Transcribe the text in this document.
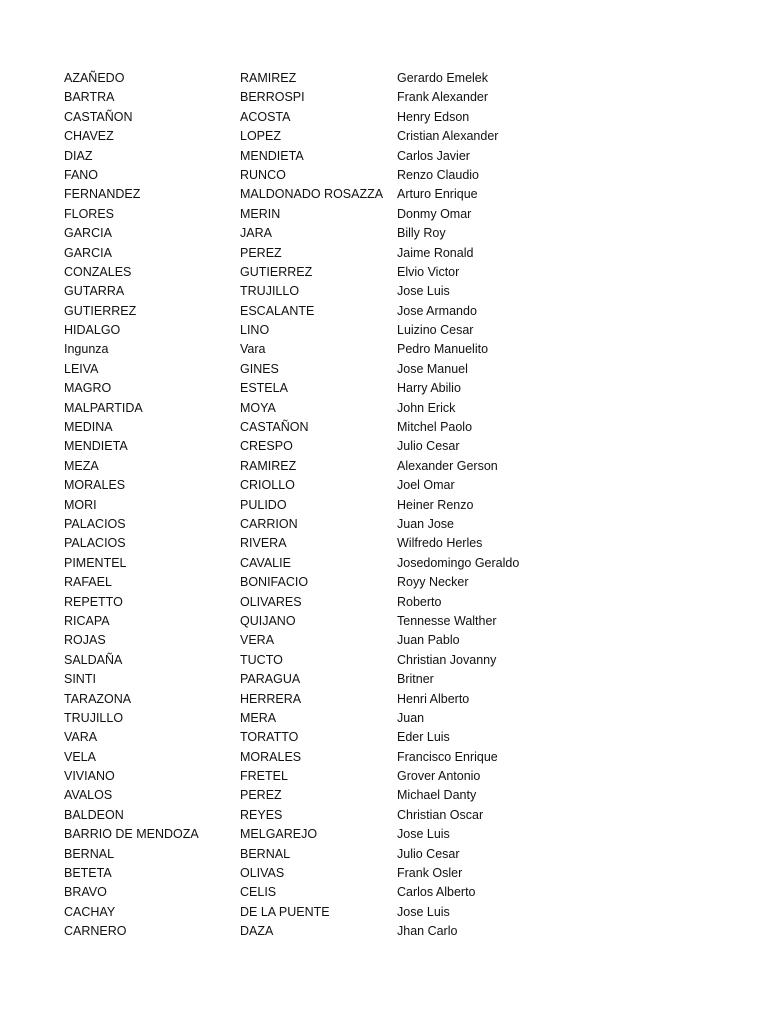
AZAÑEDO	RAMIREZ	Gerardo Emelek
BARTRA	BERROSPI	Frank Alexander
CASTAÑON	ACOSTA	Henry Edson
CHAVEZ	LOPEZ	Cristian Alexander
DIAZ	MENDIETA	Carlos Javier
FANO	RUNCO	Renzo Claudio
FERNANDEZ	MALDONADO ROSAZZA	Arturo Enrique
FLORES	MERIN	Donmy Omar
GARCIA	JARA	Billy Roy
GARCIA	PEREZ	Jaime Ronald
CONZALES	GUTIERREZ	Elvio Victor
GUTARRA	TRUJILLO	Jose Luis
GUTIERREZ	ESCALANTE	Jose Armando
HIDALGO	LINO	Luizino Cesar
Ingunza	Vara	Pedro Manuelito
LEIVA	GINES	Jose Manuel
MAGRO	ESTELA	Harry Abilio
MALPARTIDA	MOYA	John Erick
MEDINA	CASTAÑON	Mitchel Paolo
MENDIETA	CRESPO	Julio Cesar
MEZA	RAMIREZ	Alexander Gerson
MORALES	CRIOLLO	Joel Omar
MORI	PULIDO	Heiner Renzo
PALACIOS	CARRION	Juan Jose
PALACIOS	RIVERA	Wilfredo Herles
PIMENTEL	CAVALIE	Josedomingo Geraldo
RAFAEL	BONIFACIO	Royy Necker
REPETTO	OLIVARES	Roberto
RICAPA	QUIJANO	Tennesse Walther
ROJAS	VERA	Juan Pablo
SALDAÑA	TUCTO	Christian Jovanny
SINTI	PARAGUA	Britner
TARAZONA	HERRERA	Henri Alberto
TRUJILLO	MERA	Juan
VARA	TORATTO	Eder Luis
VELA	MORALES	Francisco Enrique
VIVIANO	FRETEL	Grover Antonio
AVALOS	PEREZ	Michael Danty
BALDEON	REYES	Christian Oscar
BARRIO DE MENDOZA	MELGAREJO	Jose Luis
BERNAL	BERNAL	Julio Cesar
BETETA	OLIVAS	Frank Osler
BRAVO	CELIS	Carlos Alberto
CACHAY	DE LA PUENTE	Jose Luis
CARNERO	DAZA	Jhan Carlo
